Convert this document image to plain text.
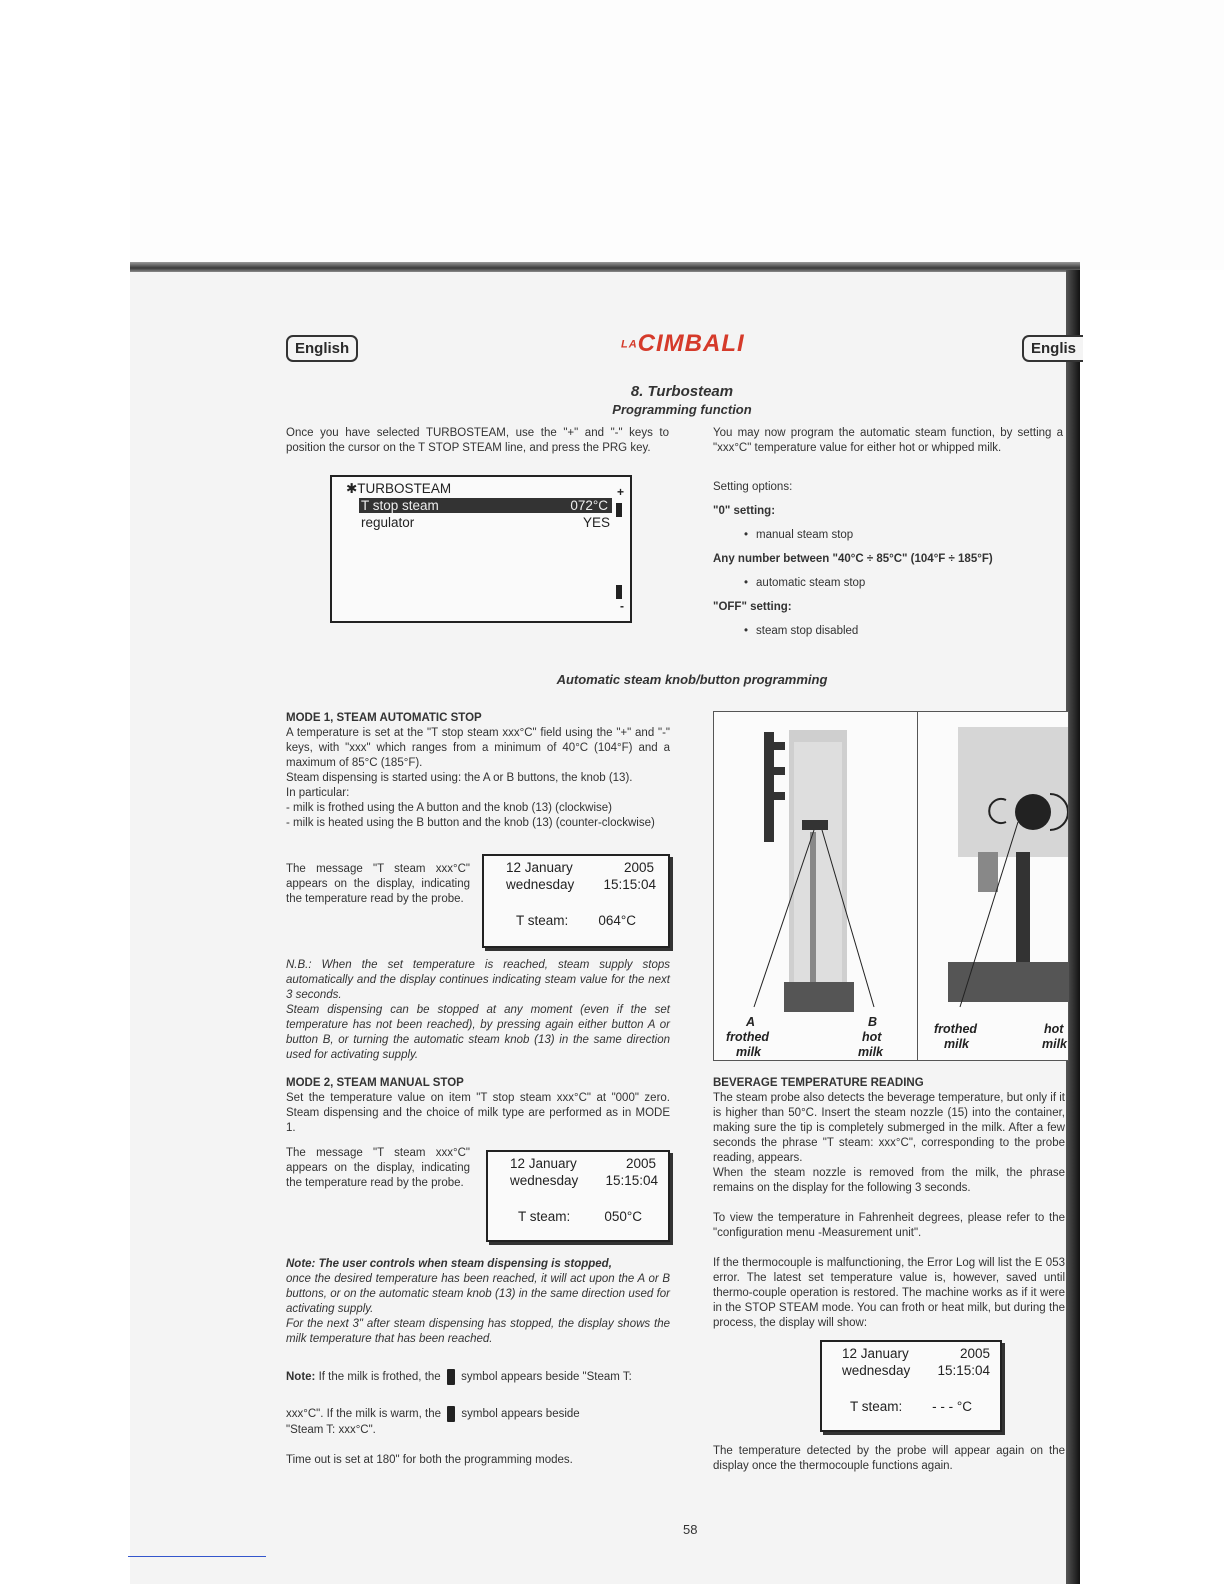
English	Englis
LACIMBALI
8. Turbosteam
Programming function
Once you have selected TURBOSTEAM, use the "+" and "-" keys to position the cursor on the T STOP STEAM line, and press the PRG key.
You may now program the automatic steam function, by setting a "xxx°C" temperature value for either hot or whipped milk.
✱TURBOSTEAM
T stop steam	072°C
regulator	YES
+
-
Setting options:
"0" setting:
• manual steam stop
Any number between "40°C ÷ 85°C" (104°F ÷ 185°F)
• automatic steam stop
"OFF" setting:
• steam stop disabled
Automatic steam knob/button programming
MODE 1, STEAM AUTOMATIC STOP
A temperature is set at the "T stop steam xxx°C" field using the "+" and "-" keys, with "xxx" which ranges from a minimum of 40°C (104°F) and a maximum of 85°C (185°F).
Steam dispensing is started using: the A or B buttons, the knob (13).
In particular:
- milk is frothed using the A button and the knob (13) (clockwise)
- milk is heated using the B button and the knob (13) (counter-clockwise)
The message "T steam xxx°C" appears on the display, indicating the temperature read by the probe.
12 January	2005
wednesday	15:15:04
T steam:	064°C
N.B.: When the set temperature is reached, steam supply stops automatically and the display continues indicating steam value for the next 3 seconds.
Steam dispensing can be stopped at any moment (even if the set temperature has not been reached), by pressing again either button A or button B, or turning the automatic steam knob (13) in the same direction used for activating supply.
MODE 2, STEAM MANUAL STOP
Set the temperature value on item "T stop steam xxx°C" at "000" zero. Steam dispensing and the choice of milk type are performed as in MODE 1.
The message "T steam xxx°C" appears on the display, indicating the temperature read by the probe.
12 January	2005
wednesday	15:15:04
T steam:	050°C
Note: The user controls when steam dispensing is stopped,
once the desired temperature has been reached, it will act upon the A or B buttons, or on the automatic steam knob (13) in the same direction used for activating supply.
For the next 3" after steam dispensing has stopped, the display shows the milk temperature that has been reached.
Note: If the milk is frothed, the symbol appears beside "Steam T:
xxx°C". If the milk is warm, the symbol appears beside
"Steam T: xxx°C".
Time out is set at 180" for both the programming modes.
A
frothed
milk
B
hot
milk
frothed
milk
hot
milk
BEVERAGE TEMPERATURE READING
The steam probe also detects the beverage temperature, but only if it is higher than 50°C. Insert the steam nozzle (15) into the container, making sure the tip is completely submerged in the milk. After a few seconds the phrase "T steam: xxx°C", corresponding to the probe reading, appears.
When the steam nozzle is removed from the milk, the phrase remains on the display for the following 3 seconds.
To view the temperature in Fahrenheit degrees, please refer to the "configuration menu -Measurement unit".
If the thermocouple is malfunctioning, the Error Log will list the E 053 error. The latest set temperature value is, however, saved until thermo-couple operation is restored. The machine works as if it were in the STOP STEAM mode. You can froth or heat milk, but during the process, the display will show:
12 January	2005
wednesday	15:15:04
T steam:	- - - °C
The temperature detected by the probe will appear again on the display once the thermocouple functions again.
58
